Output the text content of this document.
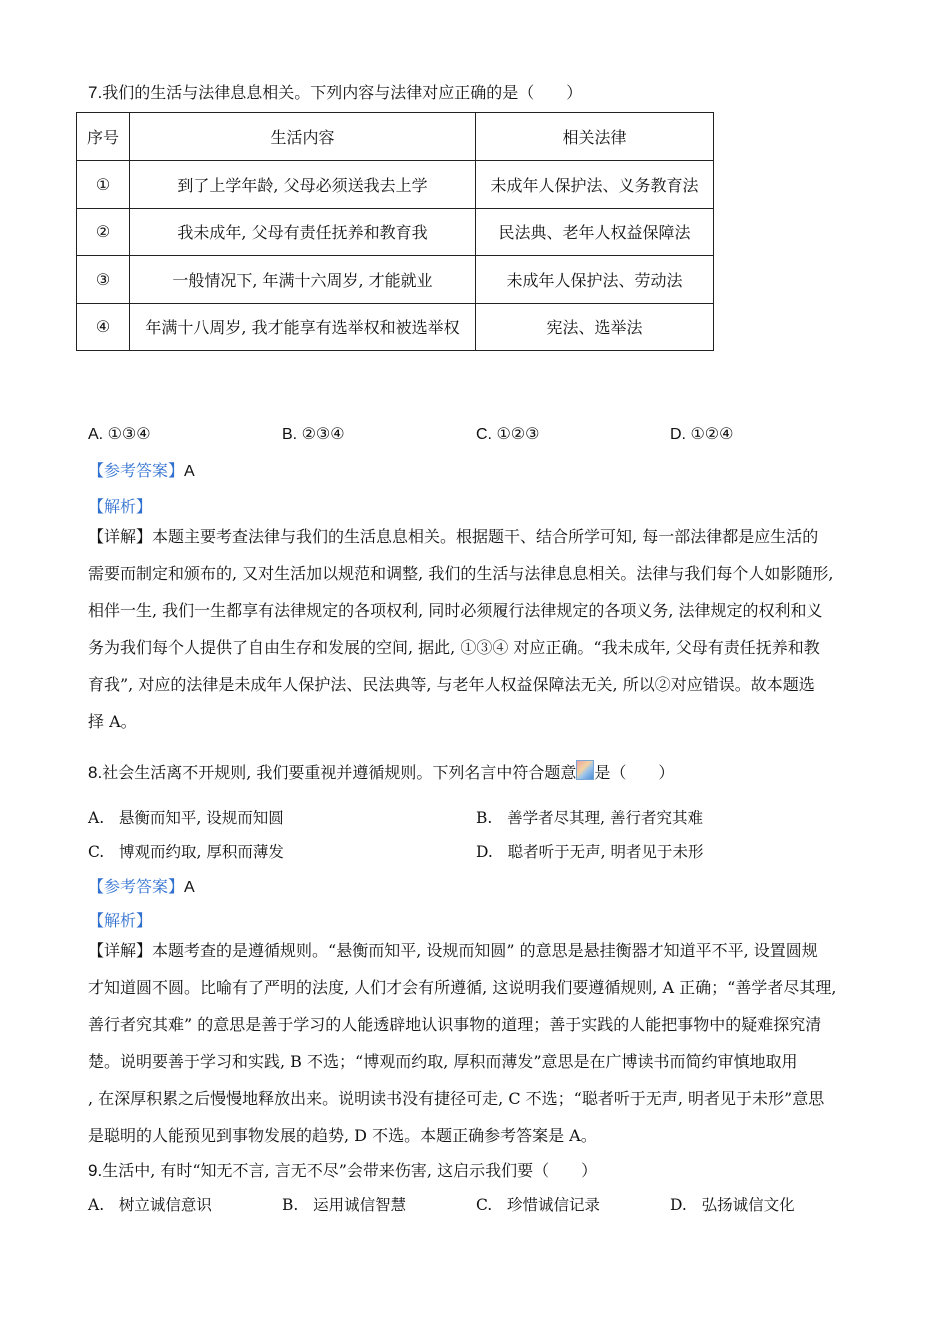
7.我们的生活与法律息息相关。下列内容与法律对应正确的是（　　）
序号	生活内容	相关法律
①	到了上学年龄, 父母必须送我去上学	未成年人保护法、义务教育法
②	我未成年, 父母有责任抚养和教育我	民法典、老年人权益保障法
③	一般情况下, 年满十六周岁, 才能就业	未成年人保护法、劳动法
④	年满十八周岁, 我才能享有选举权和被选举权	宪法、选举法
A. ①③④	B. ②③④	C. ①②③	D. ①②④
【参考答案】A
【解析】
【详解】本题主要考查法律与我们的生活息息相关。根据题干、结合所学可知, 每一部法律都是应生活的
需要而制定和颁布的, 又对生活加以规范和调整, 我们的生活与法律息息相关。法律与我们每个人如影随形,
相伴一生, 我们一生都享有法律规定的各项权利, 同时必须履行法律规定的各项义务, 法律规定的权利和义
务为我们每个人提供了自由生存和发展的空间, 据此, ①③④ 对应正确。“我未成年, 父母有责任抚养和教
育我”, 对应的法律是未成年人保护法、民法典等, 与老年人权益保障法无关, 所以②对应错误。故本题选
择 A。
8.社会生活离不开规则, 我们要重视并遵循规则。下列名言中符合题意 是（　　）
A. 悬衡而知平, 设规而知圆	B. 善学者尽其理, 善行者究其难
C. 博观而约取, 厚积而薄发	D. 聪者听于无声, 明者见于未形
【参考答案】A
【解析】
【详解】本题考查的是遵循规则。“悬衡而知平, 设规而知圆” 的意思是悬挂衡器才知道平不平, 设置圆规
才知道圆不圆。比喻有了严明的法度, 人们才会有所遵循, 这说明我们要遵循规则, A 正确；“善学者尽其理,
善行者究其难” 的意思是善于学习的人能透辟地认识事物的道理；善于实践的人能把事物中的疑难探究清
楚。说明要善于学习和实践, B 不选；“博观而约取, 厚积而薄发”意思是在广博读书而简约审慎地取用
, 在深厚积累之后慢慢地释放出来。说明读书没有捷径可走, C 不选；“聪者听于无声, 明者见于未形”意思
是聪明的人能预见到事物发展的趋势, D 不选。本题正确参考答案是 A。
9.生活中, 有时“知无不言, 言无不尽”会带来伤害, 这启示我们要（　　）
A. 树立诚信意识	B. 运用诚信智慧	C. 珍惜诚信记录	D. 弘扬诚信文化
